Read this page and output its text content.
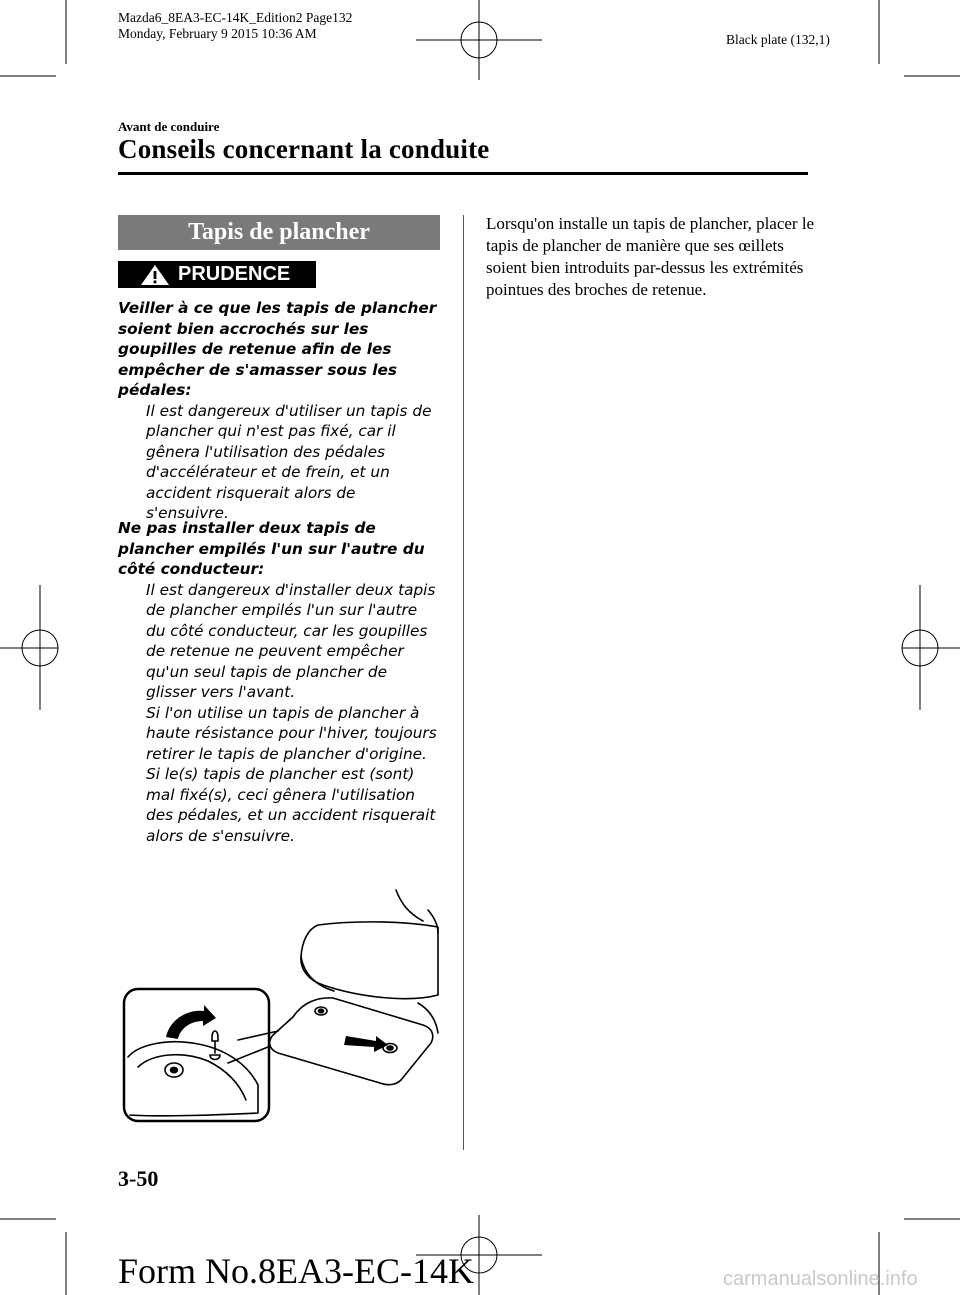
Mazda6_8EA3-EC-14K_Edition2 Page132
Monday, February 9 2015 10:36 AM	Black plate (132,1)
Avant de conduire
Conseils concernant la conduite
Tapis de plancher
PRUDENCE

Veiller à ce que les tapis de plancher soient bien accrochés sur les goupilles de retenue afin de les empêcher de s'amasser sous les pédales:

Il est dangereux d'utiliser un tapis de plancher qui n'est pas fixé, car il gênera l'utilisation des pédales d'accélérateur et de frein, et un accident risquerait alors de s'ensuivre.

Ne pas installer deux tapis de plancher empilés l'un sur l'autre du côté conducteur:

Il est dangereux d'installer deux tapis de plancher empilés l'un sur l'autre du côté conducteur, car les goupilles de retenue ne peuvent empêcher qu'un seul tapis de plancher de glisser vers l'avant.

Si l'on utilise un tapis de plancher à haute résistance pour l'hiver, toujours retirer le tapis de plancher d'origine.

Si le(s) tapis de plancher est (sont) mal fixé(s), ceci gênera l'utilisation des pédales, et un accident risquerait alors de s'ensuivre.

Lorsqu'on installe un tapis de plancher, placer le tapis de plancher de manière que ses œillets soient bien introduits par-dessus les extrémités pointues des broches de retenue.
3-50
Form No.8EA3-EC-14K	carmanualsonline.info
